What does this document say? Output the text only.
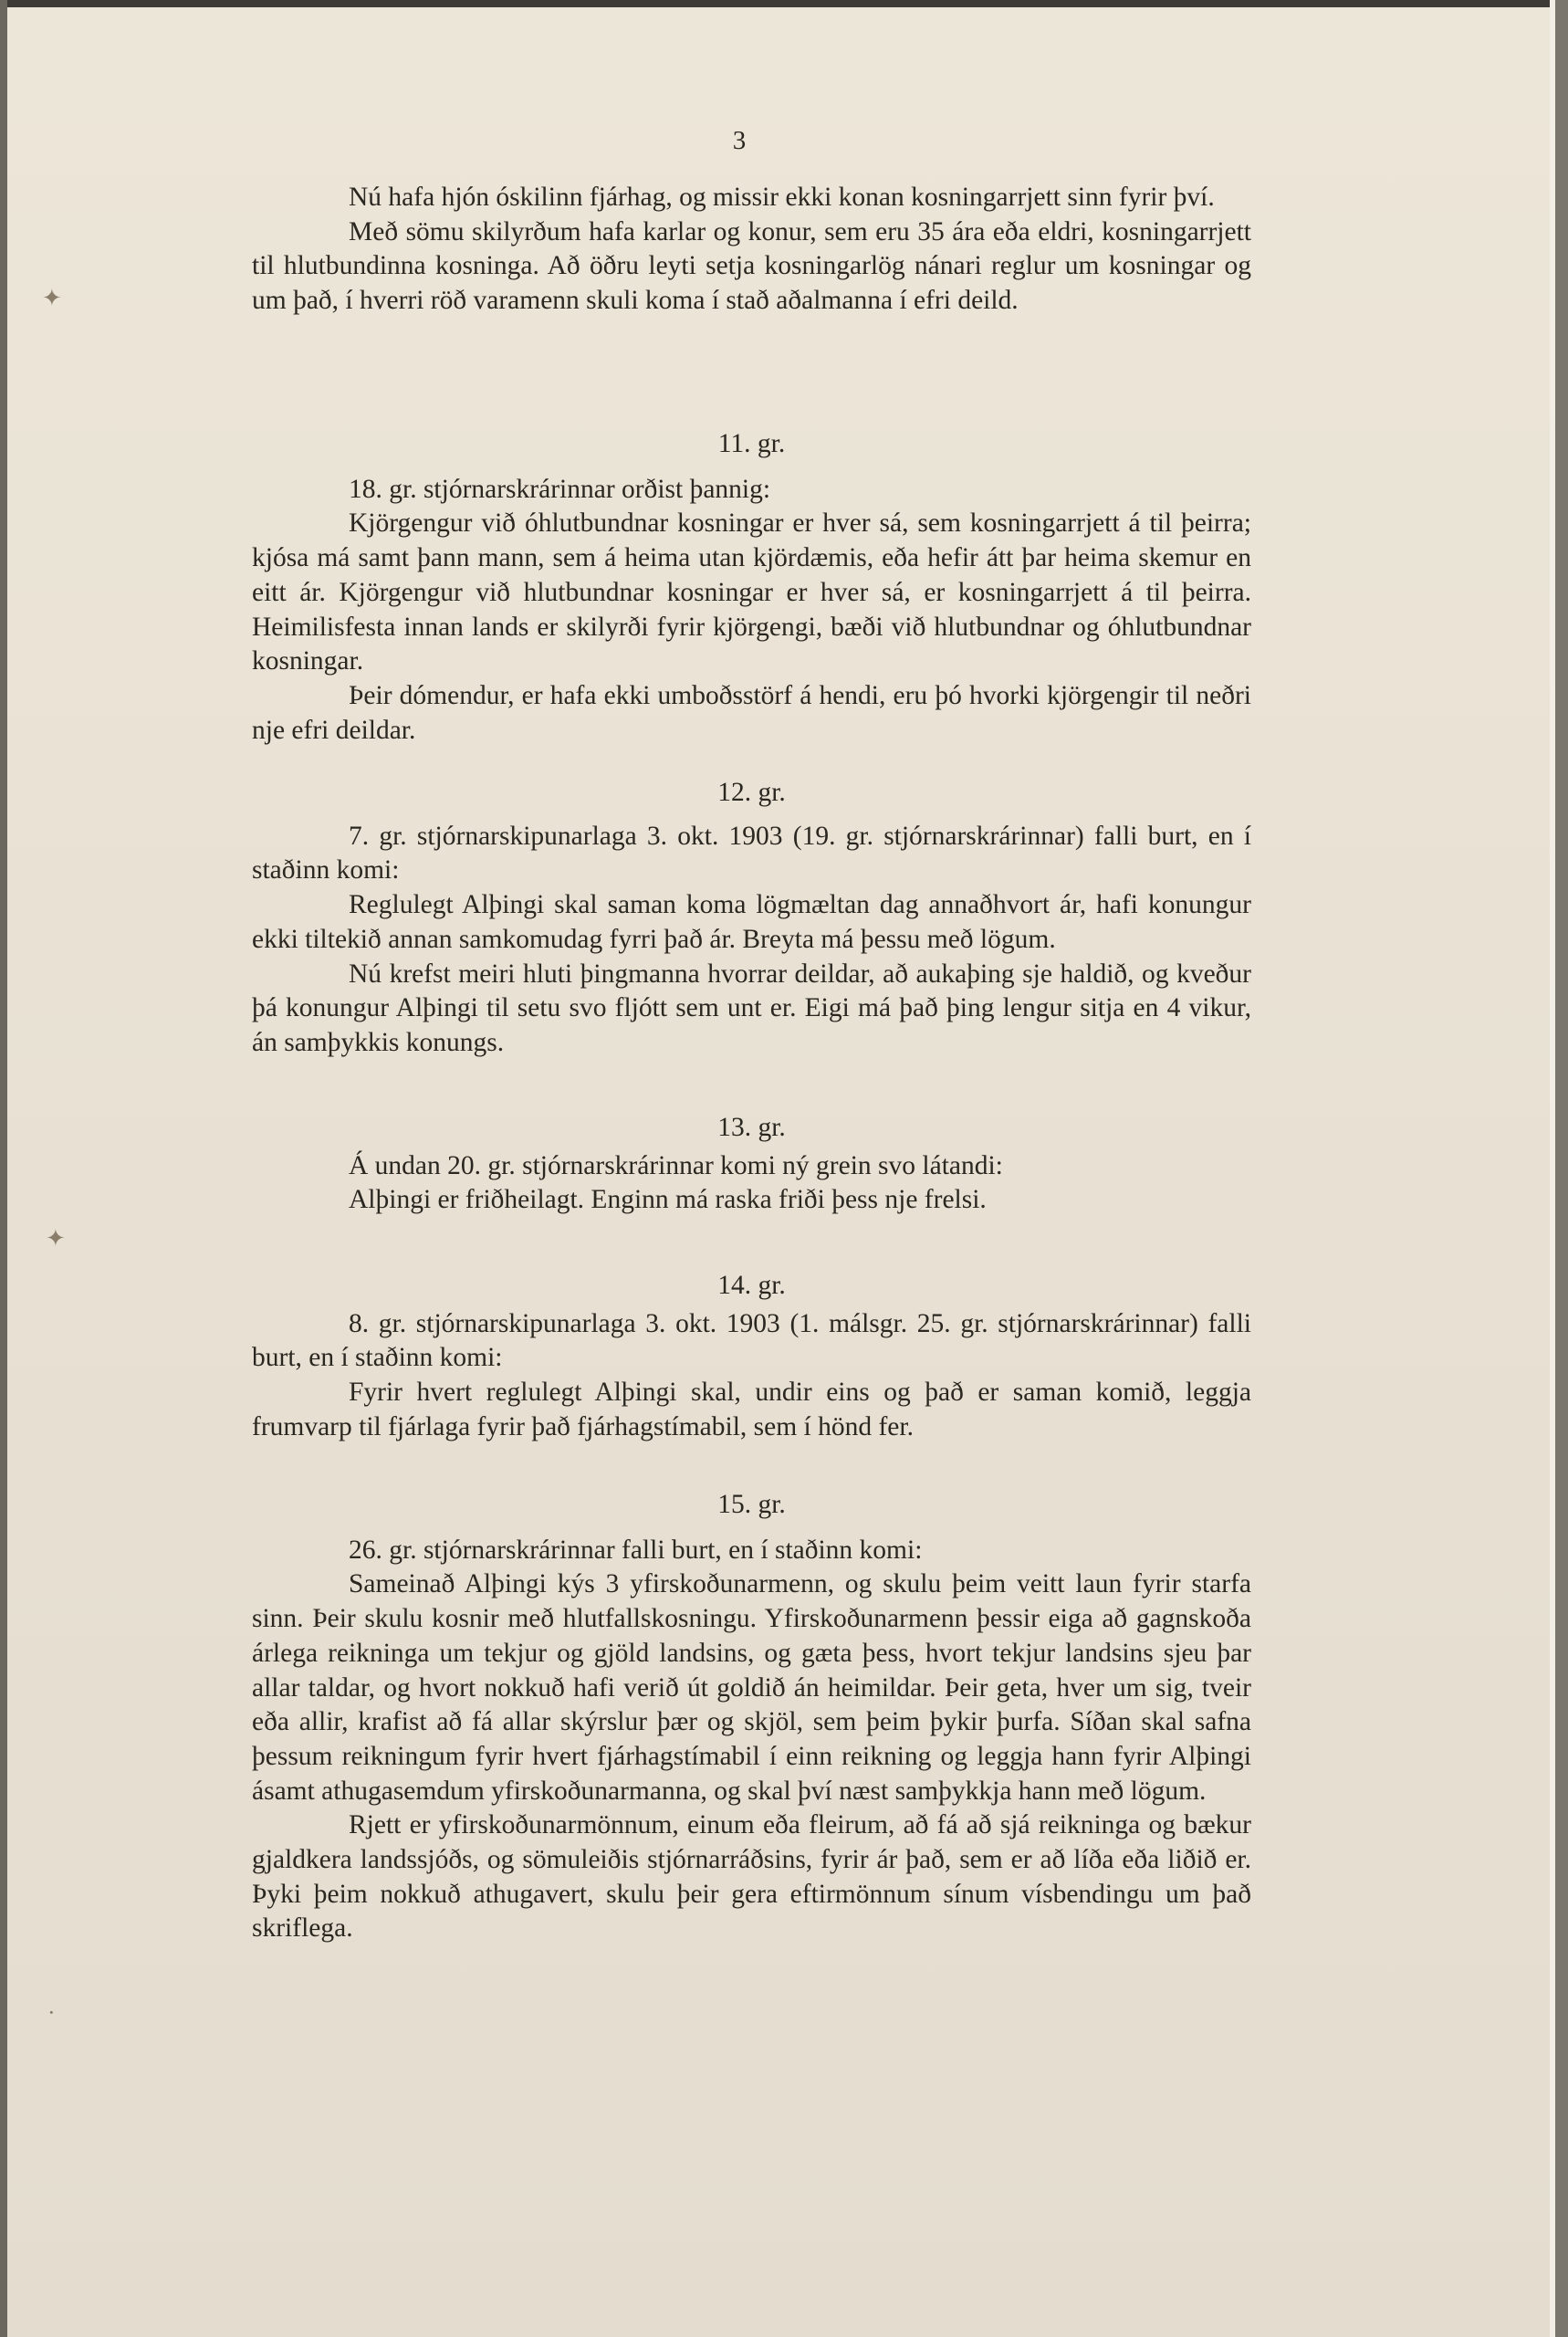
✦
✦
·
3

Nú hafa hjón óskilinn fjárhag, og missir ekki konan kosningarrjett sinn fyrir því.

Með sömu skilyrðum hafa karlar og konur, sem eru 35 ára eða eldri, kosningarrjett til hlutbundinna kosninga. Að öðru leyti setja kosningarlög nánari reglur um kosningar og um það, í hverri röð varamenn skuli koma í stað aðalmanna í efri deild.

11. gr.

18. gr. stjórnarskrárinnar orðist þannig:

Kjörgengur við óhlutbundnar kosningar er hver sá, sem kosningarrjett á til þeirra; kjósa má samt þann mann, sem á heima utan kjördæmis, eða hefir átt þar heima skemur en eitt ár. Kjörgengur við hlutbundnar kosningar er hver sá, er kosningarrjett á til þeirra. Heimilisfesta innan lands er skilyrði fyrir kjörgengi, bæði við hlutbundnar og óhlutbundnar kosningar.

Þeir dómendur, er hafa ekki umboðsstörf á hendi, eru þó hvorki kjörgengir til neðri nje efri deildar.

12. gr.

7. gr. stjórnarskipunarlaga 3. okt. 1903 (19. gr. stjórnarskrárinnar) falli burt, en í staðinn komi:

Reglulegt Alþingi skal saman koma lögmæltan dag annaðhvort ár, hafi konungur ekki tiltekið annan samkomudag fyrri það ár. Breyta má þessu með lögum.

Nú krefst meiri hluti þingmanna hvorrar deildar, að aukaþing sje haldið, og kveður þá konungur Alþingi til setu svo fljótt sem unt er. Eigi má það þing lengur sitja en 4 vikur, án samþykkis konungs.

13. gr.

Á undan 20. gr. stjórnarskrárinnar komi ný grein svo látandi:

Alþingi er friðheilagt. Enginn má raska friði þess nje frelsi.

14. gr.

8. gr. stjórnarskipunarlaga 3. okt. 1903 (1. málsgr. 25. gr. stjórnarskrárinnar) falli burt, en í staðinn komi:

Fyrir hvert reglulegt Alþingi skal, undir eins og það er saman komið, leggja frumvarp til fjárlaga fyrir það fjárhagstímabil, sem í hönd fer.

15. gr.

26. gr. stjórnarskrárinnar falli burt, en í staðinn komi:

Sameinað Alþingi kýs 3 yfirskoðunarmenn, og skulu þeim veitt laun fyrir starfa sinn. Þeir skulu kosnir með hlutfallskosningu. Yfirskoðunarmenn þessir eiga að gagnskoða árlega reikninga um tekjur og gjöld landsins, og gæta þess, hvort tekjur landsins sjeu þar allar taldar, og hvort nokkuð hafi verið út goldið án heimildar. Þeir geta, hver um sig, tveir eða allir, krafist að fá allar skýrslur þær og skjöl, sem þeim þykir þurfa. Síðan skal safna þessum reikningum fyrir hvert fjárhagstímabil í einn reikning og leggja hann fyrir Alþingi ásamt athugasemdum yfirskoðunarmanna, og skal því næst samþykkja hann með lögum.

Rjett er yfirskoðunarmönnum, einum eða fleirum, að fá að sjá reikninga og bækur gjaldkera landssjóðs, og sömuleiðis stjórnarráðsins, fyrir ár það, sem er að líða eða liðið er. Þyki þeim nokkuð athugavert, skulu þeir gera eftirmönnum sínum vísbendingu um það skriflega.
